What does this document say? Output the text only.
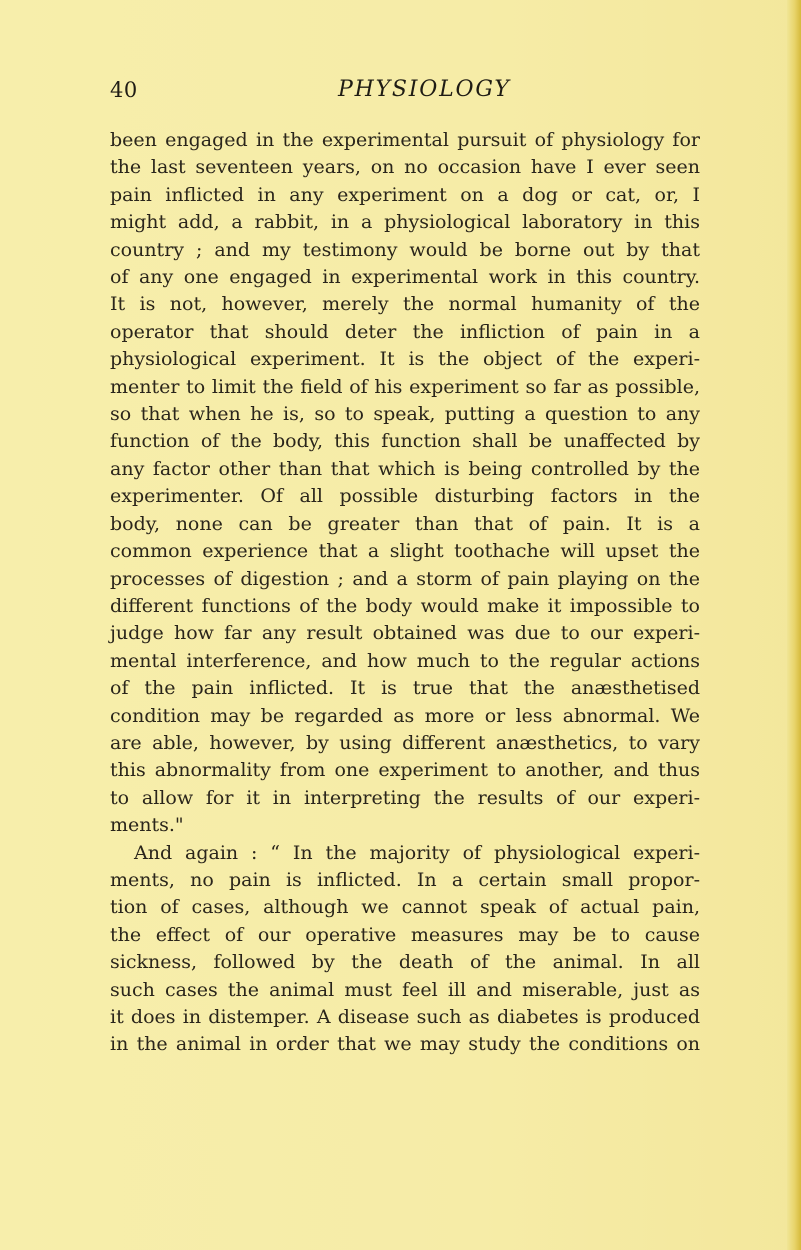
40	PHYSIOLOGY
been engaged in the experimental pursuit of physiology for
the last seventeen years, on no occasion have I ever seen
pain inflicted in any experiment on a dog or cat, or, I
might add, a rabbit, in a physiological laboratory in this
country ; and my testimony would be borne out by that
of any one engaged in experimental work in this country.
It is not, however, merely the normal humanity of the
operator that should deter the infliction of pain in a
physiological experiment. It is the object of the experi-
menter to limit the field of his experiment so far as possible,
so that when he is, so to speak, putting a question to any
function of the body, this function shall be unaffected by
any factor other than that which is being controlled by the
experimenter. Of all possible disturbing factors in the
body, none can be greater than that of pain. It is a
common experience that a slight toothache will upset the
processes of digestion ; and a storm of pain playing on the
different functions of the body would make it impossible to
judge how far any result obtained was due to our experi-
mental interference, and how much to the regular actions
of the pain inflicted. It is true that the anæsthetised
condition may be regarded as more or less abnormal. We
are able, however, by using different anæsthetics, to vary
this abnormality from one experiment to another, and thus
to allow for it in interpreting the results of our experi-
ments."
And again : “ In the majority of physiological experi-
ments, no pain is inflicted. In a certain small propor-
tion of cases, although we cannot speak of actual pain,
the effect of our operative measures may be to cause
sickness, followed by the death of the animal. In all
such cases the animal must feel ill and miserable, just as
it does in distemper. A disease such as diabetes is produced
in the animal in order that we may study the conditions on
